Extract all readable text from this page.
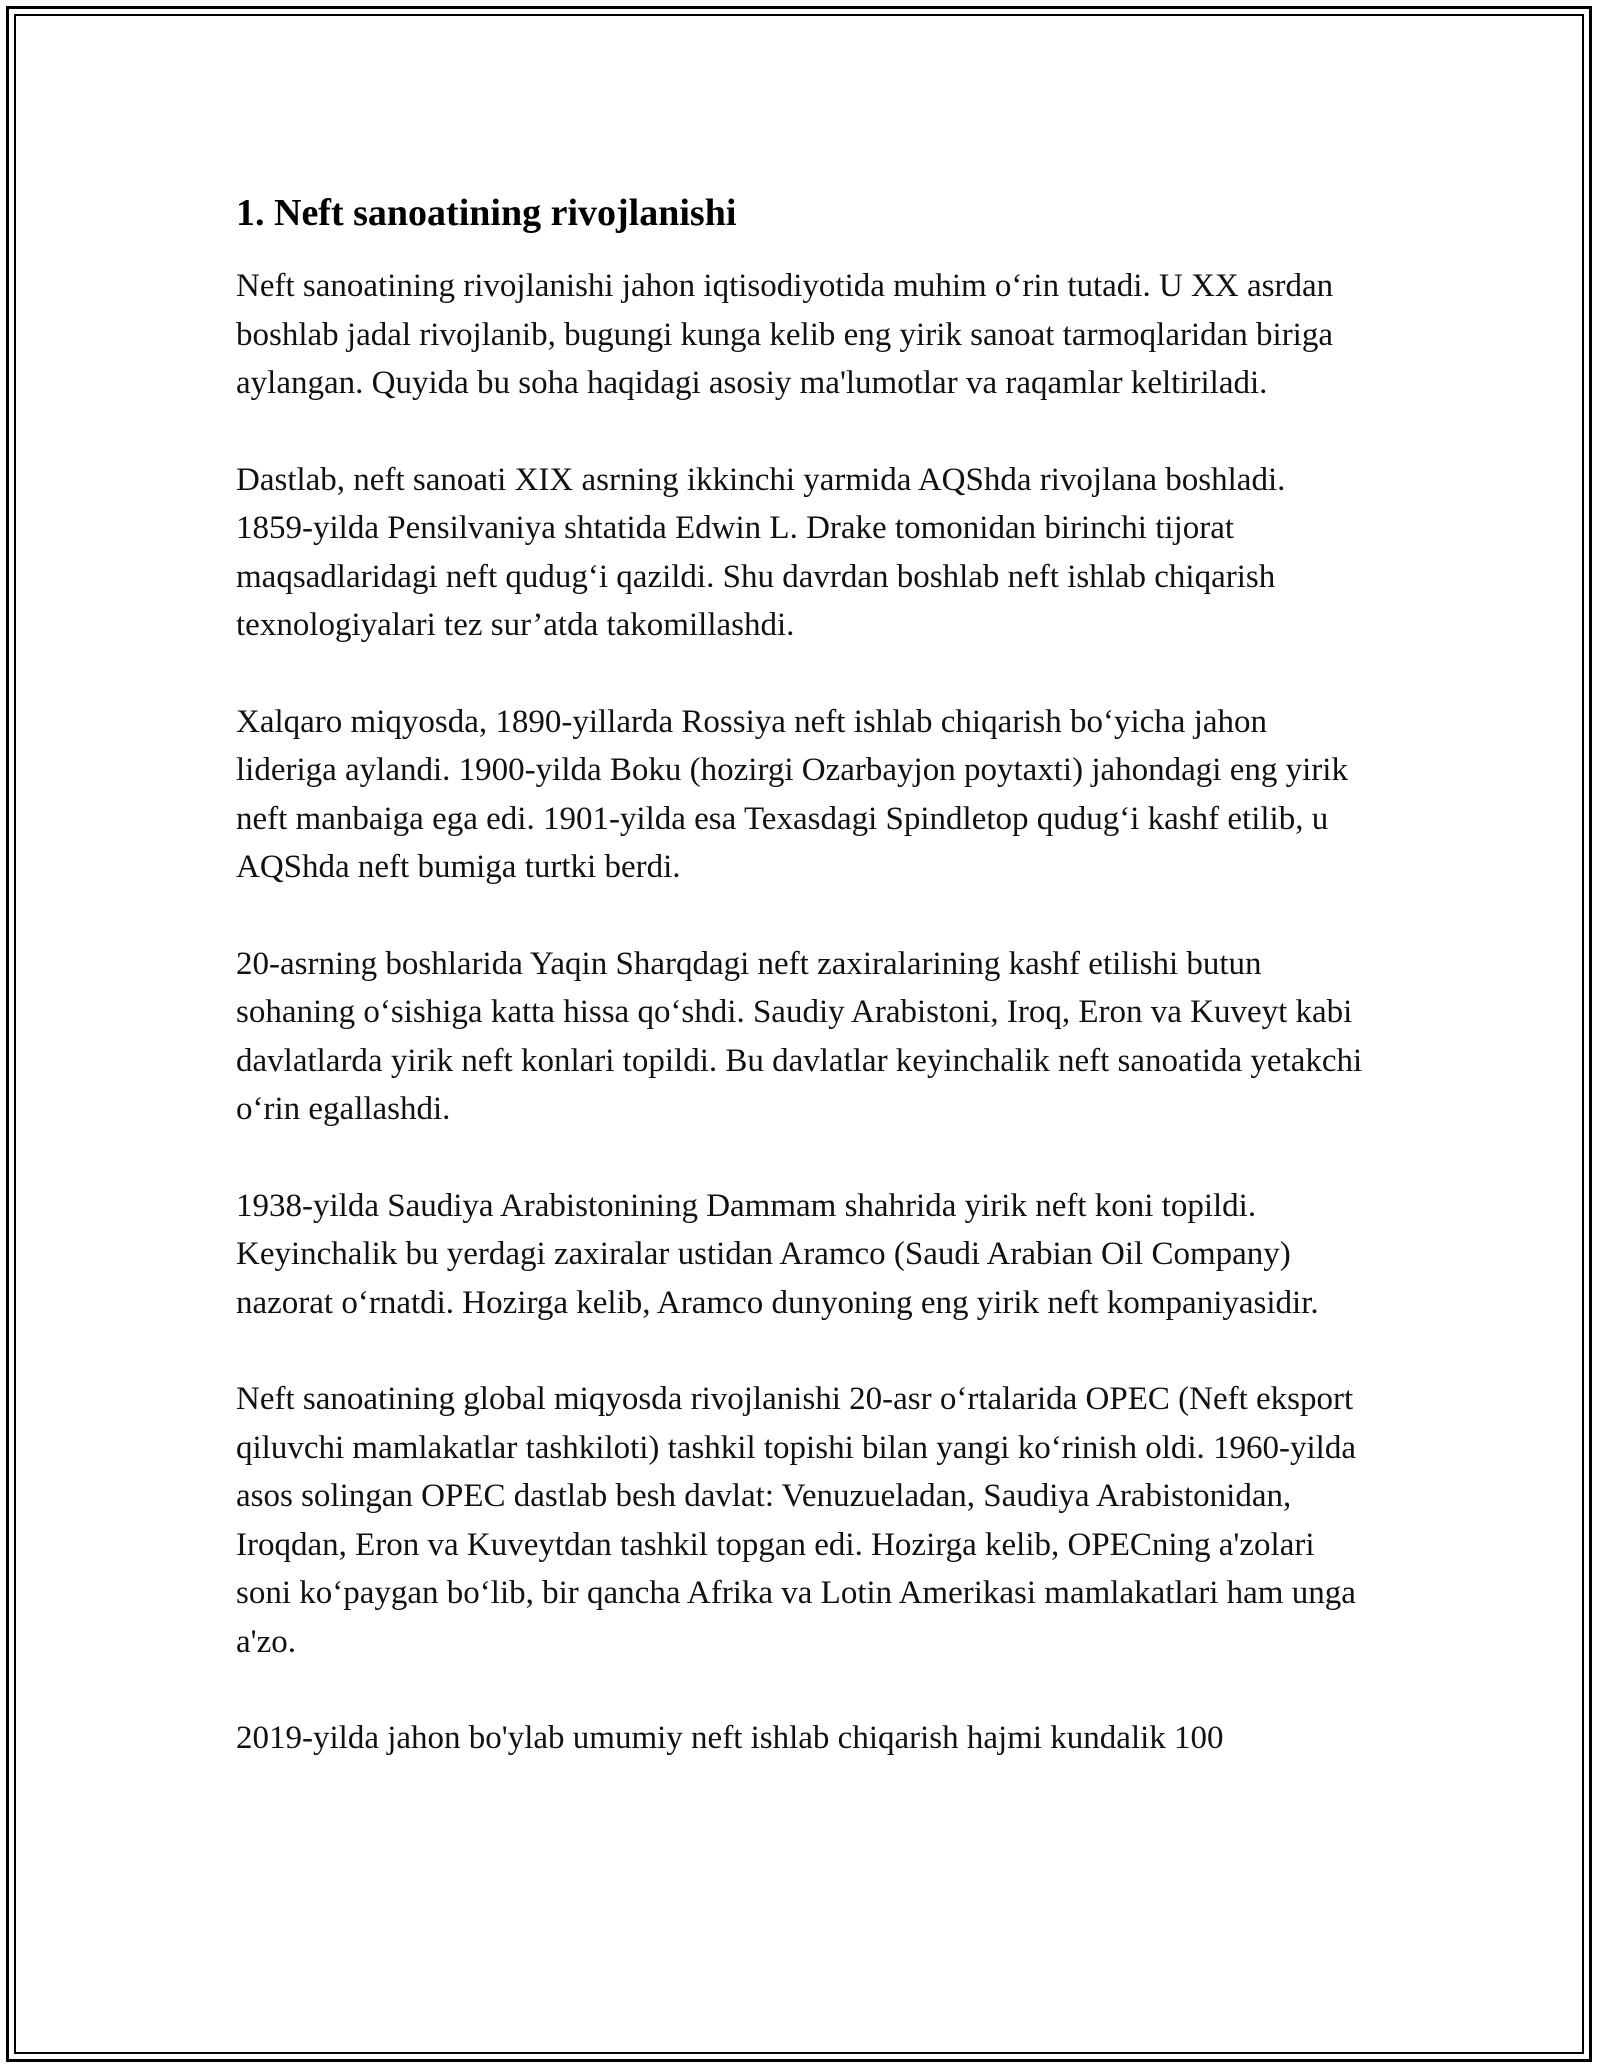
1. Neft sanoatining rivojlanishi

Neft sanoatining rivojlanishi jahon iqtisodiyotida muhim o‘rin tutadi. U XX asrdan boshlab jadal rivojlanib, bugungi kunga kelib eng yirik sanoat tarmoqlaridan biriga aylangan. Quyida bu soha haqidagi asosiy ma'lumotlar va raqamlar keltiriladi.

Dastlab, neft sanoati XIX asrning ikkinchi yarmida AQShda rivojlana boshladi. 1859-yilda Pensilvaniya shtatida Edwin L. Drake tomonidan birinchi tijorat maqsadlaridagi neft qudug‘i qazildi. Shu davrdan boshlab neft ishlab chiqarish texnologiyalari tez sur’atda takomillashdi.

Xalqaro miqyosda, 1890-yillarda Rossiya neft ishlab chiqarish bo‘yicha jahon lideriga aylandi. 1900-yilda Boku (hozirgi Ozarbayjon poytaxti) jahondagi eng yirik neft manbaiga ega edi. 1901-yilda esa Texasdagi Spindletop qudug‘i kashf etilib, u AQShda neft bumiga turtki berdi.

20-asrning boshlarida Yaqin Sharqdagi neft zaxiralarining kashf etilishi butun sohaning o‘sishiga katta hissa qo‘shdi. Saudiy Arabistoni, Iroq, Eron va Kuveyt kabi davlatlarda yirik neft konlari topildi. Bu davlatlar keyinchalik neft sanoatida yetakchi o‘rin egallashdi.

1938-yilda Saudiya Arabistonining Dammam shahrida yirik neft koni topildi. Keyinchalik bu yerdagi zaxiralar ustidan Aramco (Saudi Arabian Oil Company) nazorat o‘rnatdi. Hozirga kelib, Aramco dunyoning eng yirik neft kompaniyasidir.

Neft sanoatining global miqyosda rivojlanishi 20-asr o‘rtalarida OPEC (Neft eksport qiluvchi mamlakatlar tashkiloti) tashkil topishi bilan yangi ko‘rinish oldi. 1960-yilda asos solingan OPEC dastlab besh davlat: Venuzueladan, Saudiya Arabistonidan, Iroqdan, Eron va Kuveytdan tashkil topgan edi. Hozirga kelib, OPECning a'zolari soni ko‘paygan bo‘lib, bir qancha Afrika va Lotin Amerikasi mamlakatlari ham unga a'zo.

2019-yilda jahon bo'ylab umumiy neft ishlab chiqarish hajmi kundalik 100
